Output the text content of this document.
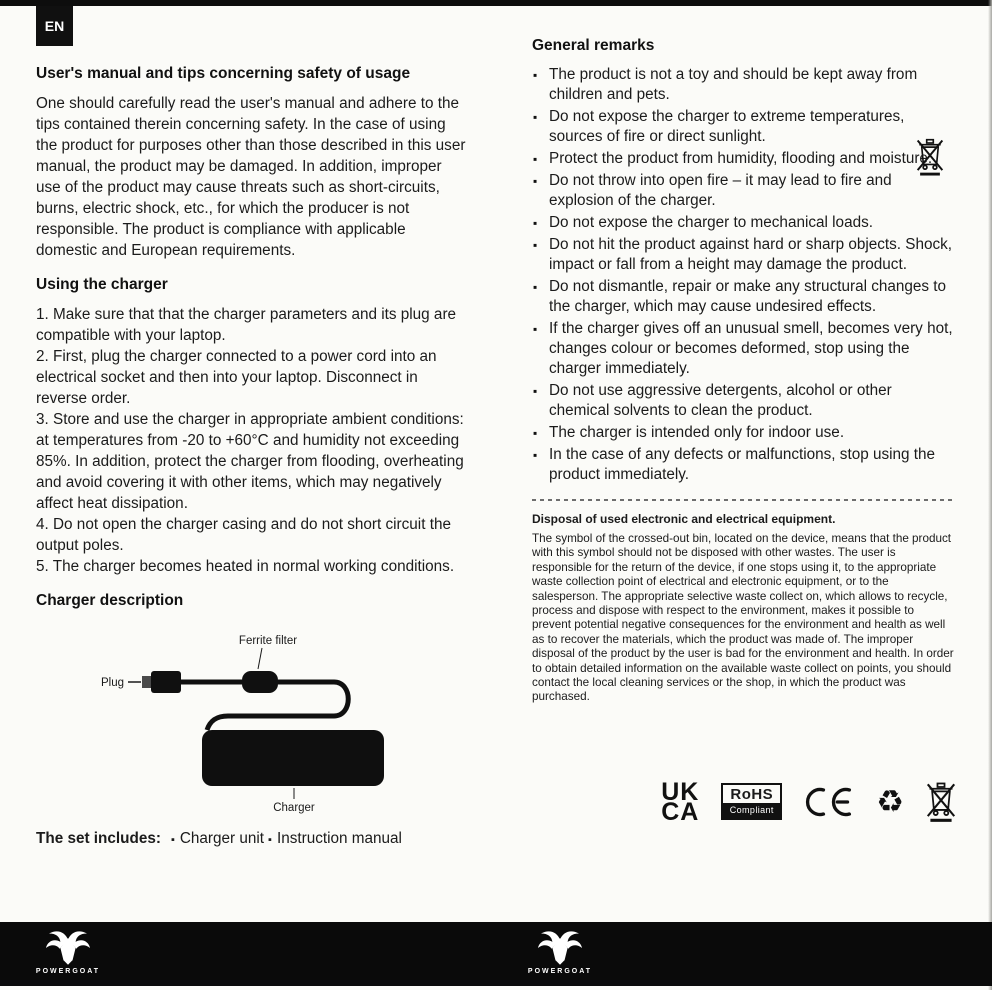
EN
User's manual and tips concerning safety of usage

One should carefully read the user's manual and adhere to the tips contained therein concerning safety. In the case of using the product for purposes other than those described in this user manual, the product may be damaged. In addition, improper use of the product may cause threats such as short-circuits, burns, electric shock, etc., for which the producer is not responsible. The product is compliance with applicable domestic and European requirements.

Using the charger

1. Make sure that that the charger parameters and its plug are compatible with your laptop.

2. First, plug the charger connected to a power cord into an electrical socket and then into your laptop. Disconnect in reverse order.

3. Store and use the charger in appropriate ambient conditions: at temperatures from -20 to +60°C and humidity not exceeding 85%. In addition, protect the charger from flooding, overheating and avoid covering it with other items, which may negatively affect heat dissipation.

4. Do not open the charger casing and do not short circuit the output poles.

5. The charger becomes heated in normal working conditions.

Charger description
Ferrite filter
Plug
Charger

The set includes: ▪ Charger unit ▪ Instruction manual

General remarks
▪ The product is not a toy and should be kept away from children and pets.
▪ Do not expose the charger to extreme temperatures, sources of fire or direct sunlight.
▪ Protect the product from humidity, flooding and moisture.
▪ Do not throw into open fire – it may lead to fire and explosion of the charger.
▪ Do not expose the charger to mechanical loads.
▪ Do not hit the product against hard or sharp objects. Shock, impact or fall from a height may damage the product.
▪ Do not dismantle, repair or make any structural changes to the charger, which may cause undesired effects.
▪ If the charger gives off an unusual smell, becomes very hot, changes colour or becomes deformed, stop using the charger immediately.
▪ Do not use aggressive detergents, alcohol or other chemical solvents to clean the product.
▪ The charger is intended only for indoor use.
▪ In the case of any defects or malfunctions, stop using the product immediately.
Disposal of used electronic and electrical equipment.

The symbol of the crossed-out bin, located on the device, means that the product with this symbol should not be disposed with other wastes. The user is responsible for the return of the device, if one stops using it, to the appropriate waste collection point of electrical and electronic equipment, or to the salesperson. The appropriate selective waste collect on, which allows to recycle, process and dispose with respect to the environment, makes it possible to prevent potential negative consequences for the environment and health as well as to recover the materials, which the product was made of. The improper disposal of the product by the user is bad for the environment and health. In order to obtain detailed information on the available waste collect on points, you should contact the local cleaning services or the shop, in which the product was purchased.

UK
CA
RoHS
Compliant	♻
POWERGOAT	POWERGOAT
